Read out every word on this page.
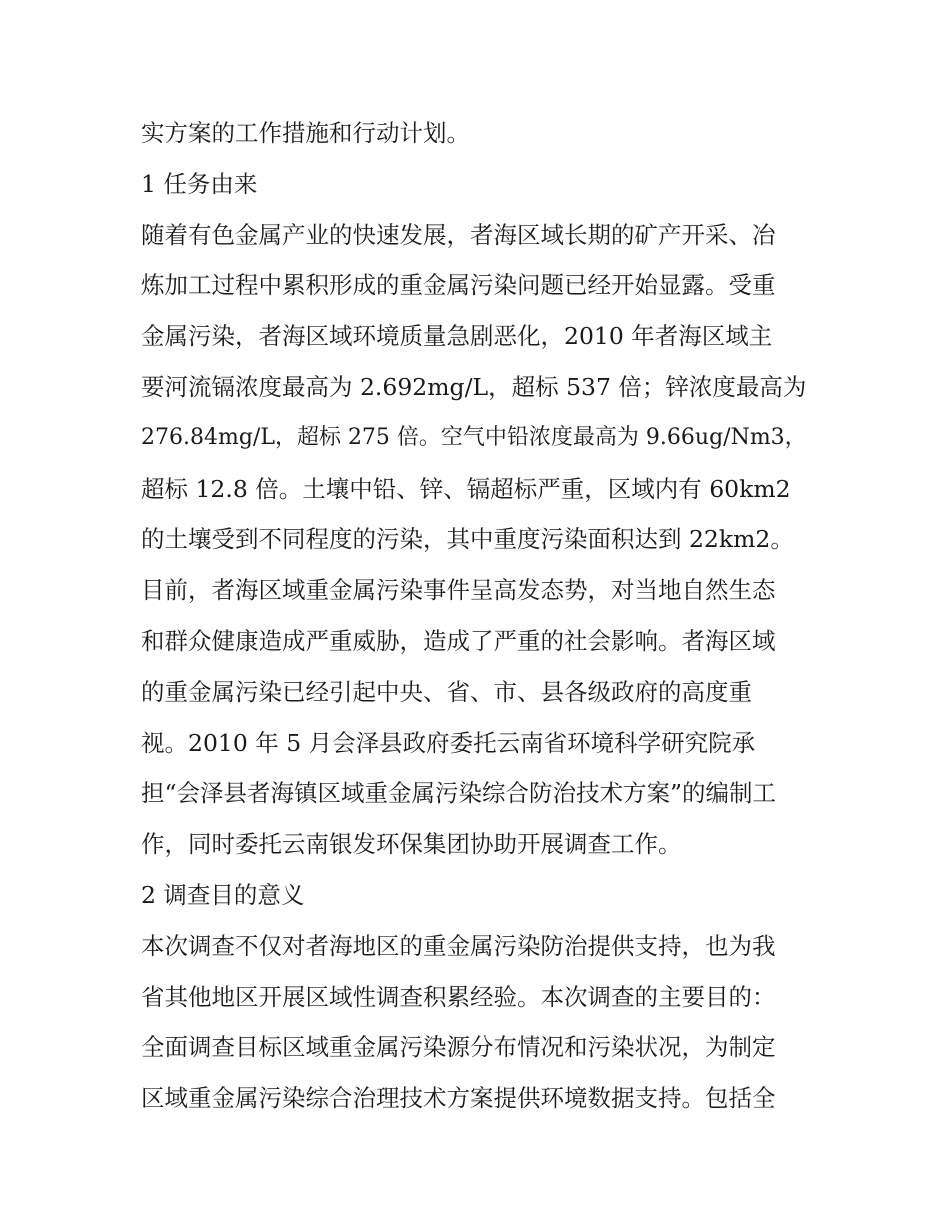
实方案的工作措施和行动计划。
1 任务由来
随着有色金属产业的快速发展，者海区域长期的矿产开采、冶
炼加工过程中累积形成的重金属污染问题已经开始显露。受重
金属污染，者海区域环境质量急剧恶化，2010 年者海区域主
要河流镉浓度最高为 2.692mg/L，超标 537 倍；锌浓度最高为
276.84mg/L，超标 275 倍。空气中铅浓度最高为 9.66ug/Nm3，
超标 12.8 倍。土壤中铅、锌、镉超标严重，区域内有 60km2
的土壤受到不同程度的污染，其中重度污染面积达到 22km2。
目前，者海区域重金属污染事件呈高发态势，对当地自然生态
和群众健康造成严重威胁，造成了严重的社会影响。者海区域
的重金属污染已经引起中央、省、市、县各级政府的高度重
视。2010 年 5 月会泽县政府委托云南省环境科学研究院承
担“会泽县者海镇区域重金属污染综合防治技术方案”的编制工
作，同时委托云南银发环保集团协助开展调查工作。
2 调查目的意义
本次调查不仅对者海地区的重金属污染防治提供支持，也为我
省其他地区开展区域性调查积累经验。本次调查的主要目的：
全面调查目标区域重金属污染源分布情况和污染状况，为制定
区域重金属污染综合治理技术方案提供环境数据支持。包括全
